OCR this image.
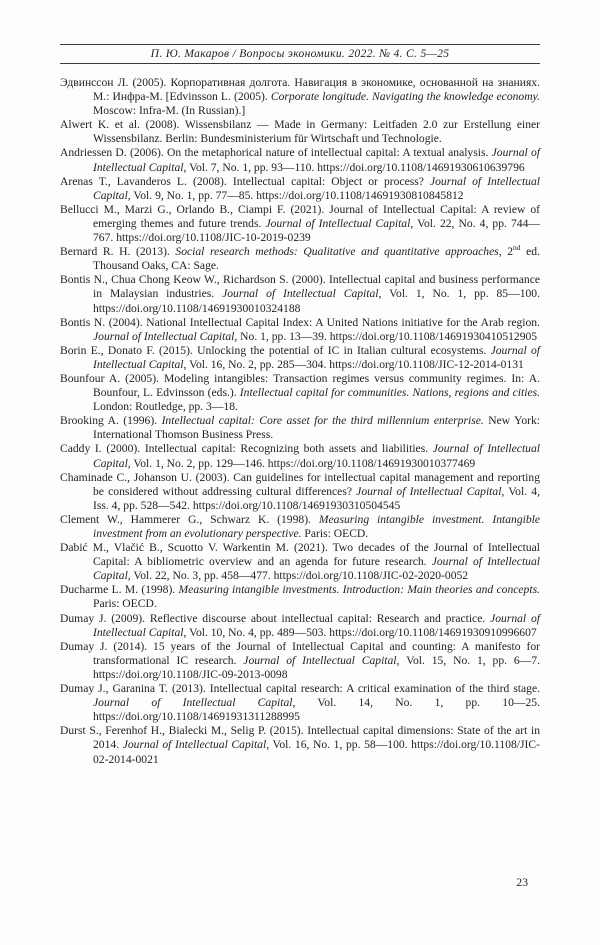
П. Ю. Макаров / Вопросы экономики. 2022. № 4. С. 5—25

Эдвинссон Л. (2005). Корпоративная долгота. Навигация в экономике, основанной на знаниях. М.: Инфра-М. [Edvinsson L. (2005). Corporate longitude. Navigating the knowledge economy. Moscow: Infra-M. (In Russian).]

Alwert K. et al. (2008). Wissensbilanz — Made in Germany: Leitfaden 2.0 zur Erstellung einer Wissensbilanz. Berlin: Bundesministerium für Wirtschaft und Technologie.

Andriessen D. (2006). On the metaphorical nature of intellectual capital: A textual analysis. Journal of Intellectual Capital, Vol. 7, No. 1, pp. 93—110. https://doi.org/10.1108/14691930610639796

Arenas T., Lavanderos L. (2008). Intellectual capital: Object or process? Journal of Intellectual Capital, Vol. 9, No. 1, pp. 77—85. https://doi.org/10.1108/14691930810845812

Bellucci M., Marzi G., Orlando B., Ciampi F. (2021). Journal of Intellectual Capital: A review of emerging themes and future trends. Journal of Intellectual Capital, Vol. 22, No. 4, pp. 744—767. https://doi.org/10.1108/JIC-10-2019-0239

Bernard R. H. (2013). Social research methods: Qualitative and quantitative approaches, 2nd ed. Thousand Oaks, CA: Sage.

Bontis N., Chua Chong Keow W., Richardson S. (2000). Intellectual capital and business performance in Malaysian industries. Journal of Intellectual Capital, Vol. 1, No. 1, pp. 85—100. https://doi.org/10.1108/14691930010324188

Bontis N. (2004). National Intellectual Capital Index: A United Nations initiative for the Arab region. Journal of Intellectual Capital, No. 1, pp. 13—39. https://doi.org/10.1108/14691930410512905

Borin E., Donato F. (2015). Unlocking the potential of IC in Italian cultural ecosystems. Journal of Intellectual Capital, Vol. 16, No. 2, pp. 285—304. https://doi.org/10.1108/JIC-12-2014-0131

Bounfour A. (2005). Modeling intangibles: Transaction regimes versus community regimes. In: A. Bounfour, L. Edvinsson (eds.). Intellectual capital for communities. Nations, regions and cities. London: Routledge, pp. 3—18.

Brooking A. (1996). Intellectual capital: Core asset for the third millennium enterprise. New York: International Thomson Business Press.

Caddy I. (2000). Intellectual capital: Recognizing both assets and liabilities. Journal of Intellectual Capital, Vol. 1, No. 2, pp. 129—146. https://doi.org/10.1108/14691930010377469

Chaminade C., Johanson U. (2003). Can guidelines for intellectual capital management and reporting be considered without addressing cultural differences? Journal of Intellectual Capital, Vol. 4, Iss. 4, pp. 528—542. https://doi.org/10.1108/14691930310504545

Clement W., Hammerer G., Schwarz K. (1998). Measuring intangible investment. Intangible investment from an evolutionary perspective. Paris: OECD.

Dabić M., Vlačić B., Scuotto V. Warkentin M. (2021). Two decades of the Journal of Intellectual Capital: A bibliometric overview and an agenda for future research. Journal of Intellectual Capital, Vol. 22, No. 3, pp. 458—477. https://doi.org/10.1108/JIC-02-2020-0052

Ducharme L. M. (1998). Measuring intangible investments. Introduction: Main theories and concepts. Paris: OECD.

Dumay J. (2009). Reflective discourse about intellectual capital: Research and practice. Journal of Intellectual Capital, Vol. 10, No. 4, pp. 489—503. https://doi.org/10.1108/14691930910996607

Dumay J. (2014). 15 years of the Journal of Intellectual Capital and counting: A manifesto for transformational IC research. Journal of Intellectual Capital, Vol. 15, No. 1, pp. 6—7. https://doi.org/10.1108/JIC-09-2013-0098

Dumay J., Garanina T. (2013). Intellectual capital research: A critical examination of the third stage. Journal of Intellectual Capital, Vol. 14, No. 1, pp. 10—25. https://doi.org/10.1108/14691931311288995

Durst S., Ferenhof H., Bialecki M., Selig P. (2015). Intellectual capital dimensions: State of the art in 2014. Journal of Intellectual Capital, Vol. 16, No. 1, pp. 58—100. https://doi.org/10.1108/JIC-02-2014-0021

23
